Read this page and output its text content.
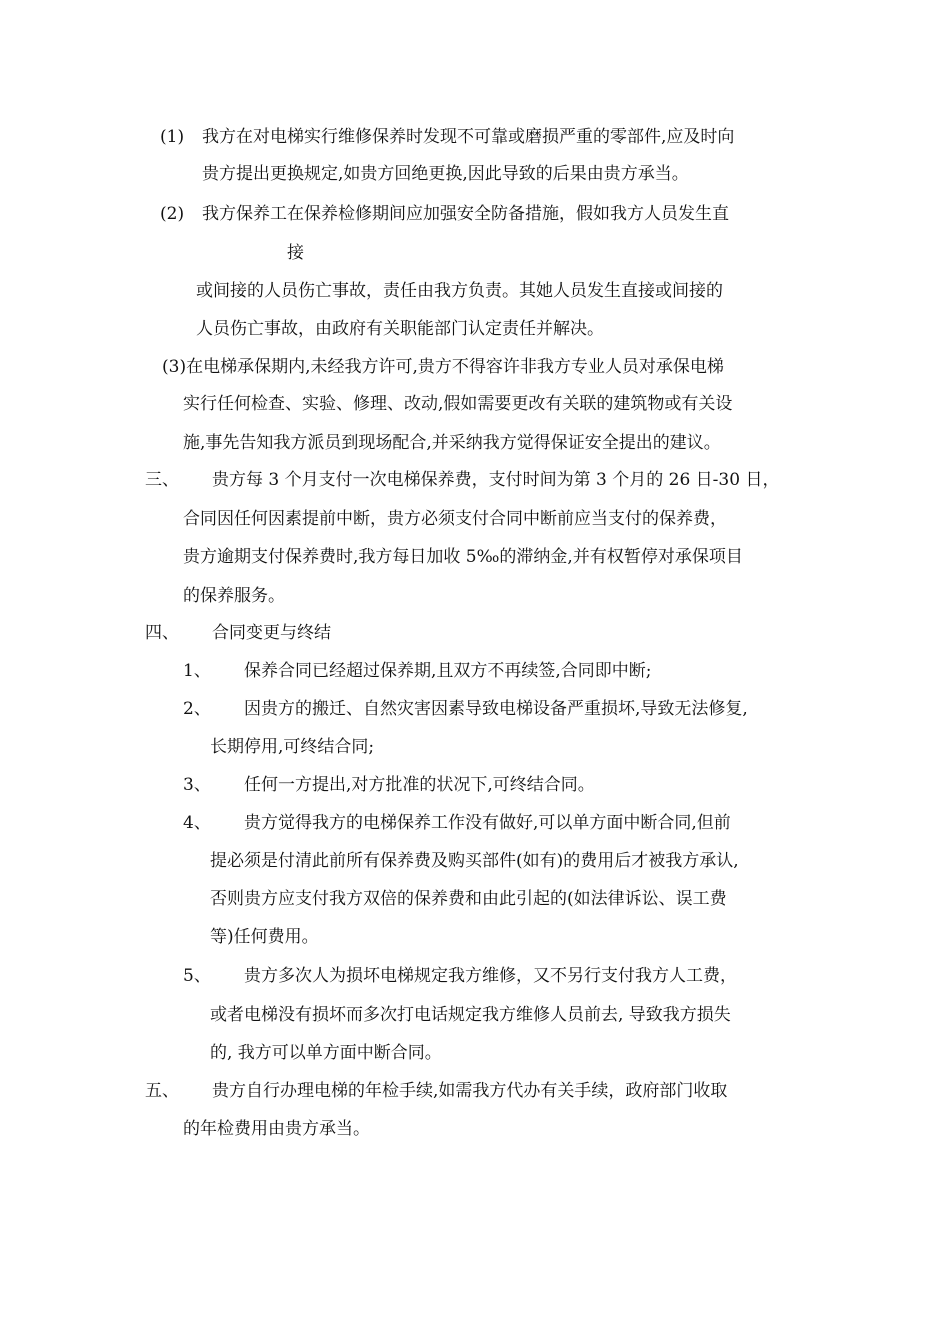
(1) 我方在对电梯实行维修保养时发现不可靠或磨损严重的零部件,应及时向
贵方提出更换规定,如贵方回绝更换,因此导致的后果由贵方承当。
(2) 我方保养工在保养检修期间应加强安全防备措施，假如我方人员发生直
接
或间接的人员伤亡事故，责任由我方负责。其她人员发生直接或间接的
人员伤亡事故，由政府有关职能部门认定责任并解决。
(3)在电梯承保期内,未经我方许可,贵方不得容许非我方专业人员对承保电梯
实行任何检查、实验、修理、改动,假如需要更改有关联的建筑物或有关设
施,事先告知我方派员到现场配合,并采纳我方觉得保证安全提出的建议。
三、 贵方每 3 个月支付一次电梯保养费，支付时间为第 3 个月的 26 日-30 日，
合同因任何因素提前中断，贵方必须支付合同中断前应当支付的保养费，
贵方逾期支付保养费时,我方每日加收 5‰的滞纳金,并有权暂停对承保项目
的保养服务。
四、 合同变更与终结
1、 保养合同已经超过保养期,且双方不再续签,合同即中断;
2、 因贵方的搬迁、自然灾害因素导致电梯设备严重损坏,导致无法修复,
长期停用,可终结合同;
3、 任何一方提出,对方批准的状况下,可终结合同。
4、 贵方觉得我方的电梯保养工作没有做好,可以单方面中断合同,但前
提必须是付清此前所有保养费及购买部件(如有)的费用后才被我方承认,
否则贵方应支付我方双倍的保养费和由此引起的(如法律诉讼、误工费
等)任何费用。
5、 贵方多次人为损坏电梯规定我方维修，又不另行支付我方人工费，
或者电梯没有损坏而多次打电话规定我方维修人员前去, 导致我方损失
的, 我方可以单方面中断合同。
五、 贵方自行办理电梯的年检手续,如需我方代办有关手续，政府部门收取
的年检费用由贵方承当。
